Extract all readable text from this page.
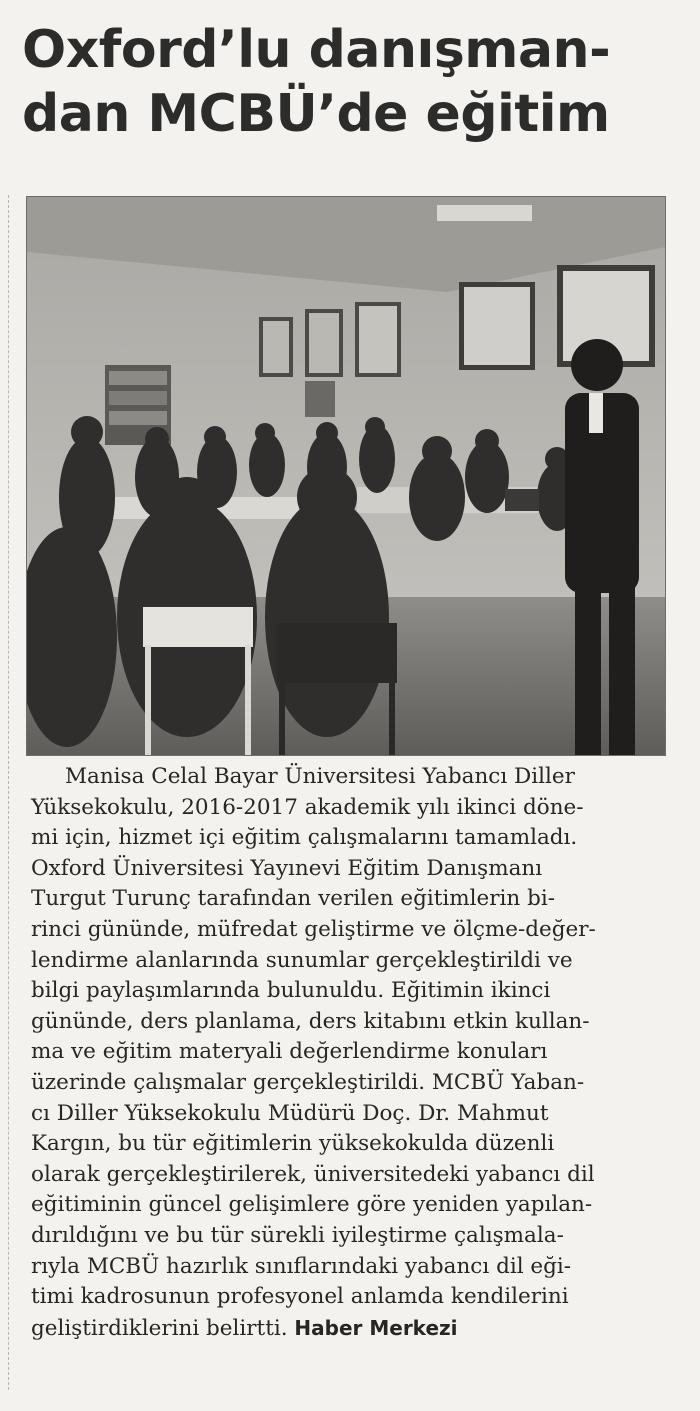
Oxford’lu danışman-
dan MCBÜ’de eğitim
Manisa Celal Bayar Üniversitesi Yabancı Diller
Yüksekokulu, 2016-2017 akademik yılı ikinci döne-
mi için, hizmet içi eğitim çalışmalarını tamamladı.
Oxford Üniversitesi Yayınevi Eğitim Danışmanı
Turgut Turunç tarafından verilen eğitimlerin bi-
rinci gününde, müfredat geliştirme ve ölçme-değer-
lendirme alanlarında sunumlar gerçekleştirildi ve
bilgi paylaşımlarında bulunuldu. Eğitimin ikinci
gününde, ders planlama, ders kitabını etkin kullan-
ma ve eğitim materyali değerlendirme konuları
üzerinde çalışmalar gerçekleştirildi. MCBÜ Yaban-
cı Diller Yüksekokulu Müdürü Doç. Dr. Mahmut
Kargın, bu tür eğitimlerin yüksekokulda düzenli
olarak gerçekleştirilerek, üniversitedeki yabancı dil
eğitiminin güncel gelişimlere göre yeniden yapılan-
dırıldığını ve bu tür sürekli iyileştirme çalışmala-
rıyla MCBÜ hazırlık sınıflarındaki yabancı dil eği-
timi kadrosunun profesyonel anlamda kendilerini
geliştirdiklerini belirtti. Haber Merkezi
